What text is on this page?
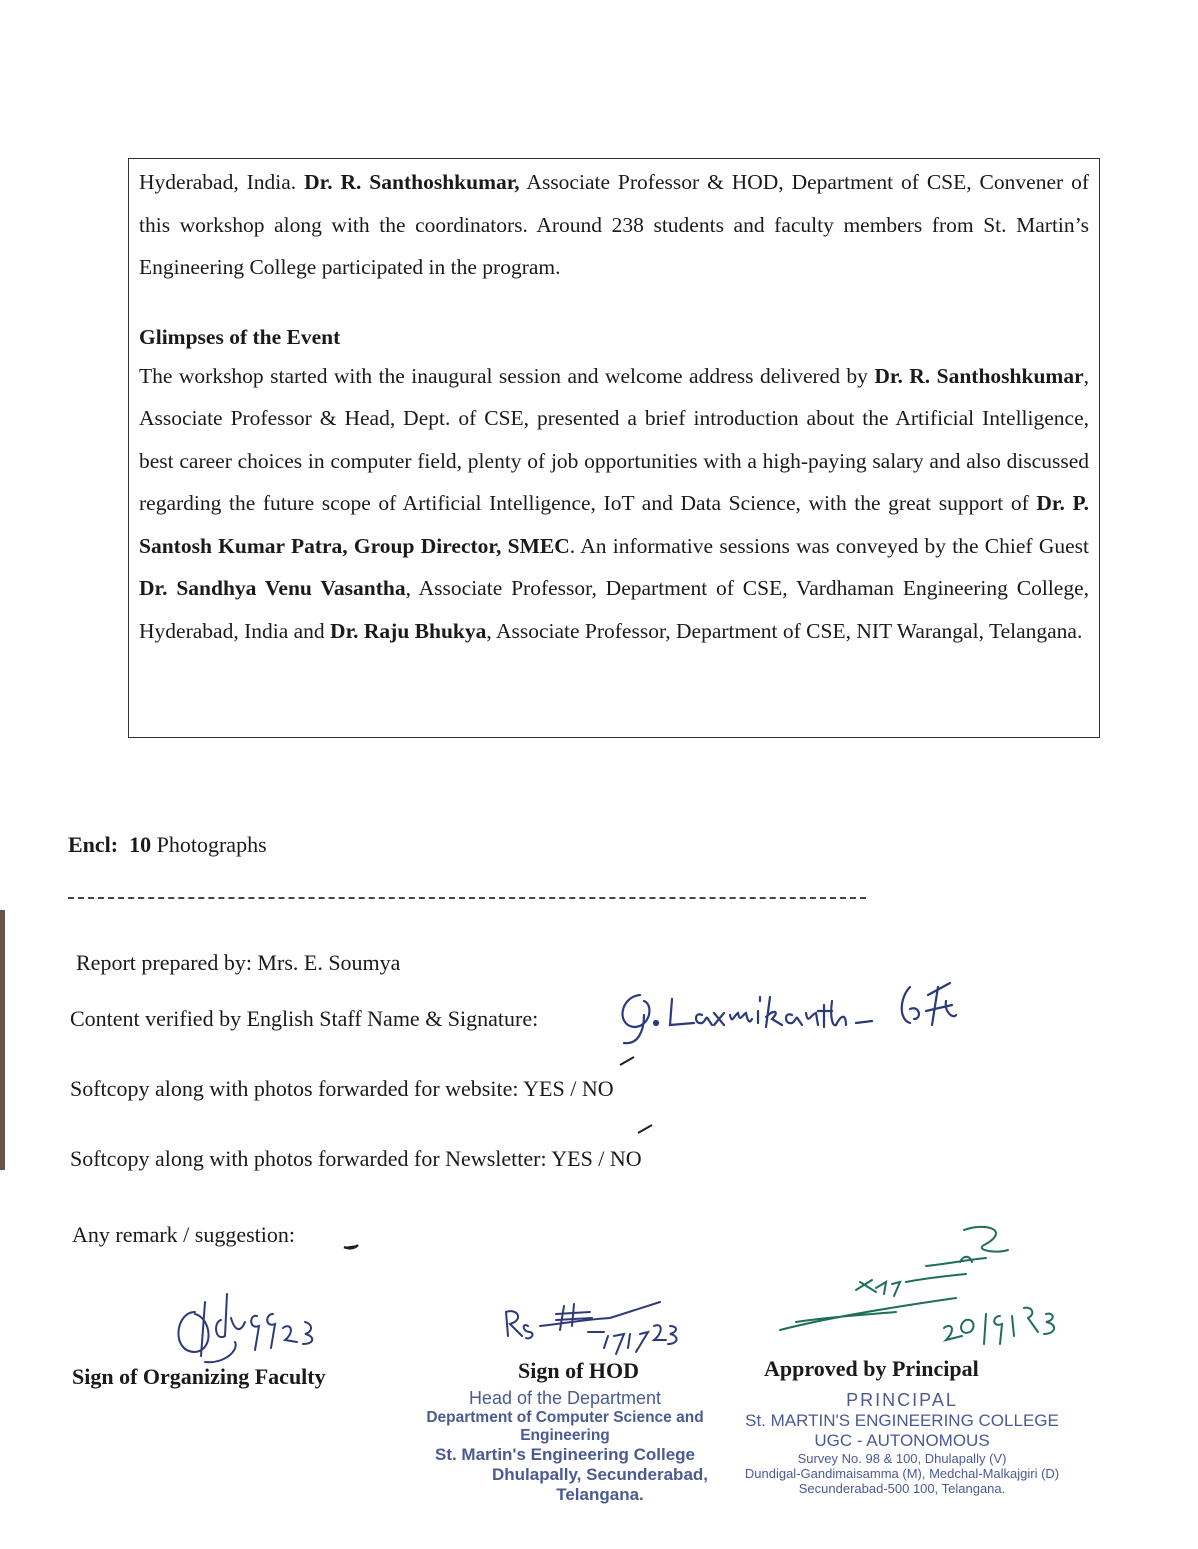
Hyderabad, India. Dr. R. Santhoshkumar, Associate Professor & HOD, Department of CSE, Convener of this workshop along with the coordinators. Around 238 students and faculty members from St. Martin’s Engineering College participated in the program.

Glimpses of the Event

The workshop started with the inaugural session and welcome address delivered by Dr. R. Santhoshkumar, Associate Professor & Head, Dept. of CSE, presented a brief introduction about the Artificial Intelligence, best career choices in computer field, plenty of job opportunities with a high-paying salary and also discussed regarding the future scope of Artificial Intelligence, IoT and Data Science, with the great support of Dr. P. Santosh Kumar Patra, Group Director, SMEC. An informative sessions was conveyed by the Chief Guest Dr. Sandhya Venu Vasantha, Associate Professor, Department of CSE, Vardhaman Engineering College, Hyderabad, India and Dr. Raju Bhukya, Associate Professor, Department of CSE, NIT Warangal, Telangana.

Encl: 10 Photographs
Report prepared by: Mrs. E. Soumya
Content verified by English Staff Name & Signature:
Softcopy along with photos forwarded for website: YES / NO
Softcopy along with photos forwarded for Newsletter: YES / NO
Any remark / suggestion:
Sign of Organizing Faculty	Sign of HOD	Approved by Principal
Head of the Department
Department of Computer Science and Engineering
St. Martin's Engineering College
Dhulapally, Secunderabad, Telangana.
PRINCIPAL
St. MARTIN'S ENGINEERING COLLEGE
UGC - AUTONOMOUS
Survey No. 98 & 100, Dhulapally (V)
Dundigal-Gandimaisamma (M), Medchal-Malkajgiri (D)
Secunderabad-500 100, Telangana.
